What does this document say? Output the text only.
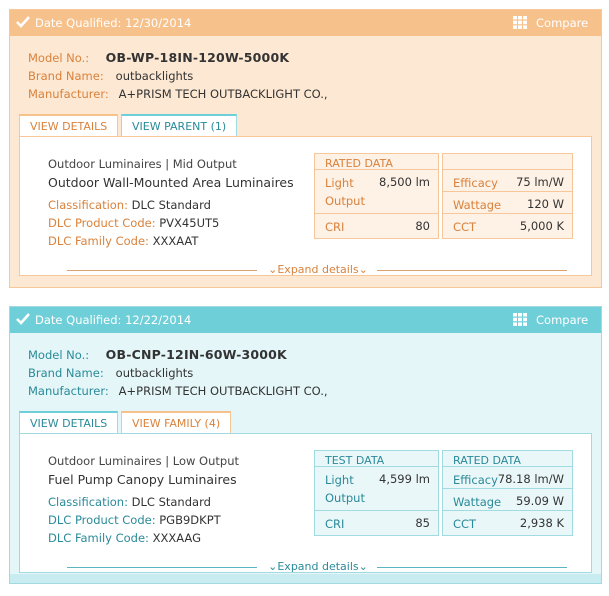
Date Qualified: 12/30/2014	Compare
Model No.: OB-WP-18IN-120W-5000K
Brand Name: outbacklights
Manufacturer: A+PRISM TECH OUTBACKLIGHT CO.,
VIEW DETAILS	VIEW PARENT (1)
Outdoor Luminaires | Mid Output
Outdoor Wall-Mounted Area Luminaires
Classification: DLC Standard
DLC Product Code: PVX45UT5
DLC Family Code: XXXAAT
RATED DATA
Light Output
8,500 lm
CRI	80
Efficacy 75 lm/W
Wattage 120 W
CCT	5,000 K
⌄Expand details⌄
Date Qualified: 12/22/2014	Compare
Model No.: OB-CNP-12IN-60W-3000K
Brand Name: outbacklights
Manufacturer: A+PRISM TECH OUTBACKLIGHT CO.,
VIEW DETAILS	VIEW FAMILY (4)
Outdoor Luminaires | Low Output
Fuel Pump Canopy Luminaires
Classification: DLC Standard
DLC Product Code: PGB9DKPT
DLC Family Code: XXXAAG
TEST DATA
Light Output
4,599 lm
CRI	85
RATED DATA
Efficacy 78.18 lm/W
Wattage 59.09 W
CCT	2,938 K
⌄Expand details⌄
